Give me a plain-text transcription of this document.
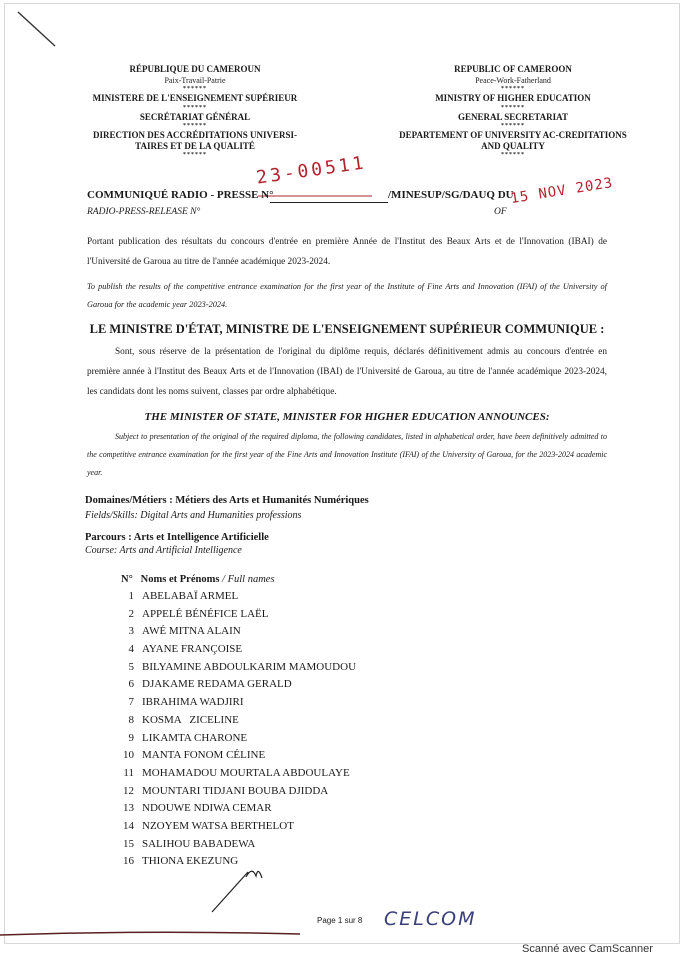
RÉPUBLIQUE DU CAMEROUN
Paix-Travail-Patrie
******
MINISTERE DE L'ENSEIGNEMENT SUPÉRIEUR
******
SECRÉTARIAT GÉNÉRAL
******
DIRECTION DES ACCRÉDITATIONS UNIVERSI-TAIRES ET DE LA QUALITÉ
******
REPUBLIC OF CAMEROON
Peace-Work-Fatherland
******
MINISTRY OF HIGHER EDUCATION
******
GENERAL SECRETARIAT
******
DEPARTEMENT OF UNIVERSITY AC-CREDITATIONS AND QUALITY
******
COMMUNIQUÉ RADIO - PRESSE N°
23-00511
/MINESUP/SG/DAUQ DU
15 NOV 2023
RADIO-PRESS-RELEASE N°	OF
Portant publication des résultats du concours d'entrée en première Année de l'Institut des Beaux Arts et de l'Innovation (IBAI) de l'Université de Garoua au titre de l'année académique 2023-2024.
To publish the results of the competitive entrance examination for the first year of the Institute of Fine Arts and Innovation (IFAI) of the University of Garoua for the academic year 2023-2024.
LE MINISTRE D'ÉTAT, MINISTRE DE L'ENSEIGNEMENT SUPÉRIEUR COMMUNIQUE :
Sont, sous réserve de la présentation de l'original du diplôme requis, déclarés définitivement admis au concours d'entrée en première année à l'Institut des Beaux Arts et de l'Innovation (IBAI) de l'Université de Garoua, au titre de l'année académique 2023-2024, les candidats dont les noms suivent, classes par ordre alphabétique.
THE MINISTER OF STATE, MINISTER FOR HIGHER EDUCATION ANNOUNCES:
Subject to presentation of the original of the required diploma, the following candidates, listed in alphabetical order, have been definitively admitted to the competitive entrance examination for the first year of the Fine Arts and Innovation Institute (IFAI) of the University of Garoua, for the 2023-2024 academic year.
Domaines/Métiers : Métiers des Arts et Humanités Numériques
Fields/Skills: Digital Arts and Humanities professions
Parcours : Arts et Intelligence Artificielle
Course: Arts and Artificial Intelligence
N° Noms et Prénoms / Full names
1 ABELABAÏ ARMEL
2 APPELÉ BÉNÉFICE LAËL
3 AWÉ MITNA ALAIN
4 AYANE FRANÇOISE
5 BILYAMINE ABDOULKARIM MAMOUDOU
6 DJAKAME REDAMA GERALD
7 IBRAHIMA WADJIRI
8 KOSMA   ZICELINE
9 LIKAMTA CHARONE
10 MANTA FONOM CÉLINE
11 MOHAMADOU MOURTALA ABDOULAYE
12 MOUNTARI TIDJANI BOUBA DJIDDA
13 NDOUWE NDIWA CEMAR
14 NZOYEM WATSA BERTHELOT
15 SALIHOU BABADEWA
16 THIONA EKEZUNG
Page 1 sur 8 CELCOM
Scanné avec CamScanner
